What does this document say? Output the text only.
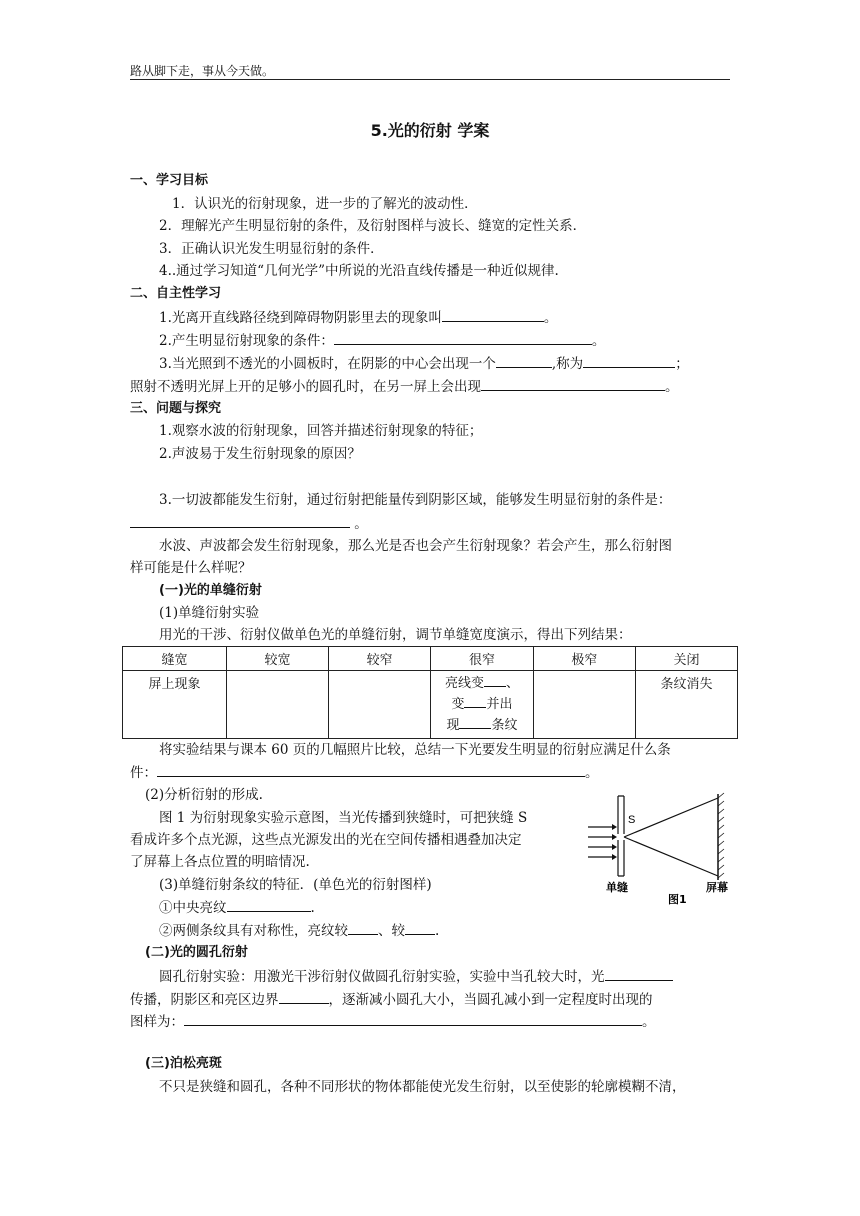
路从脚下走，事从今天做。
5.光的衍射 学案
一、学习目标
1．认识光的衍射现象，进一步的了解光的波动性．
2．理解光产生明显衍射的条件，及衍射图样与波长、缝宽的定性关系．
3．正确认识光发生明显衍射的条件．
4..通过学习知道“几何光学”中所说的光沿直线传播是一种近似规律.
二、自主性学习
1.光离开直线路径绕到障碍物阴影里去的现象叫	。
2.产生明显衍射现象的条件：	。
3.当光照到不透光的小圆板时，在阴影的中心会出现一个	,称为	；
照射不透明光屏上开的足够小的圆孔时，在另一屏上会出现	。
三、问题与探究
1.观察水波的衍射现象，回答并描述衍射现象的特征；
2.声波易于发生衍射现象的原因？
3.一切波都能发生衍射，通过衍射把能量传到阴影区域，能够发生明显衍射的条件是：
。
水波、声波都会发生衍射现象，那么光是否也会产生衍射现象？若会产生，那么衍射图
样可能是什么样呢？
(一)光的单缝衍射
(1)单缝衍射实验
用光的干涉、衍射仪做单色光的单缝衍射，调节单缝宽度演示，得出下列结果：
缝宽	较宽	较窄	很窄	极窄	关闭
屏上现象			亮线变 、
变 并出
现 条纹		条纹消失
将实验结果与课本 60 页的几幅照片比较，总结一下光要发生明显的衍射应满足什么条
件：	。
(2)分析衍射的形成.
图 1 为衍射现象实验示意图，当光传播到狭缝时，可把狭缝 S
看成许多个点光源，这些点光源发出的光在空间传播相遇叠加决定
了屏幕上各点位置的明暗情况.
(3)单缝衍射条纹的特征．(单色光的衍射图样)
①中央亮纹	.
②两侧条纹具有对称性，亮纹较 、较 .
S
单缝	屏幕
图1
(二)光的圆孔衍射
圆孔衍射实验：用激光干涉衍射仪做圆孔衍射实验，实验中当孔较大时，光
传播，阴影区和亮区边界	，逐渐减小圆孔大小，当圆孔减小到一定程度时出现的
图样为：	。
(三)泊松亮斑
不只是狭缝和圆孔，各种不同形状的物体都能使光发生衍射，以至使影的轮廓模糊不清，
